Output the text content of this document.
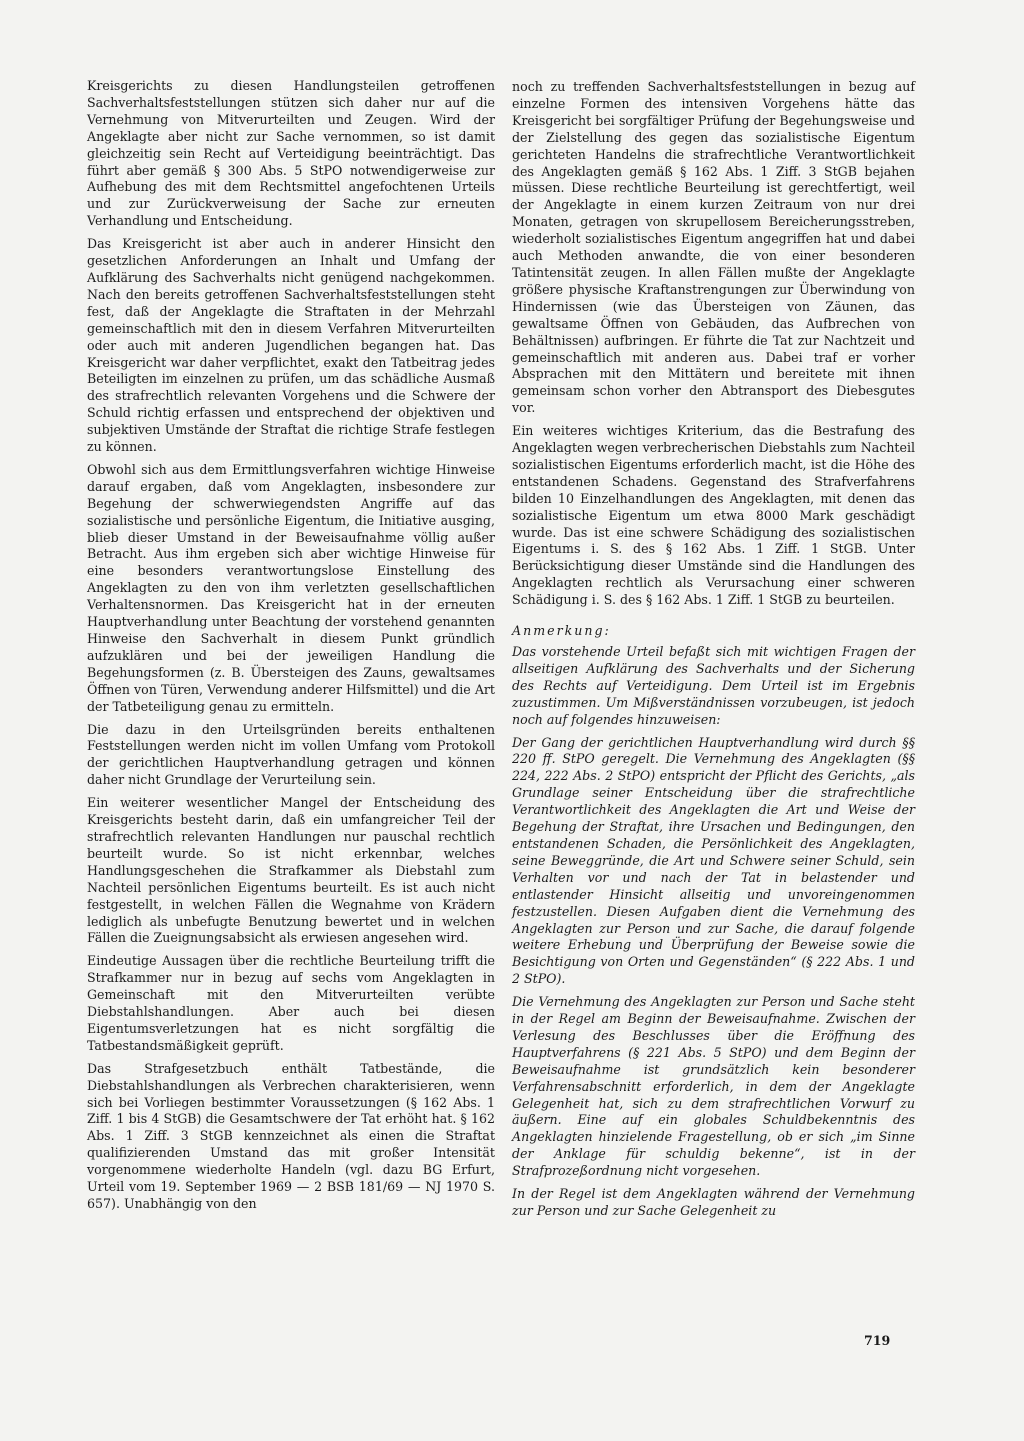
Kreisgerichts zu diesen Handlungsteilen getroffenen Sachverhaltsfeststellungen stützen sich daher nur auf die Vernehmung von Mitverurteilten und Zeugen. Wird der Angeklagte aber nicht zur Sache vernommen, so ist damit gleichzeitig sein Recht auf Verteidigung beeinträchtigt. Das führt aber gemäß § 300 Abs. 5 StPO notwendigerweise zur Aufhebung des mit dem Rechtsmittel angefochtenen Urteils und zur Zurückverweisung der Sache zur erneuten Verhandlung und Entscheidung.

Das Kreisgericht ist aber auch in anderer Hinsicht den gesetzlichen Anforderungen an Inhalt und Umfang der Aufklärung des Sachverhalts nicht genügend nachgekommen. Nach den bereits getroffenen Sachverhaltsfeststellungen steht fest, daß der Angeklagte die Straftaten in der Mehrzahl gemeinschaftlich mit den in diesem Verfahren Mitverurteilten oder auch mit anderen Jugendlichen begangen hat. Das Kreisgericht war daher verpflichtet, exakt den Tatbeitrag jedes Beteiligten im einzelnen zu prüfen, um das schädliche Ausmaß des strafrechtlich relevanten Vorgehens und die Schwere der Schuld richtig erfassen und entsprechend der objektiven und subjektiven Umstände der Straftat die richtige Strafe festlegen zu können.

Obwohl sich aus dem Ermittlungsverfahren wichtige Hinweise darauf ergaben, daß vom Angeklagten, insbesondere zur Begehung der schwerwiegendsten Angriffe auf das sozialistische und persönliche Eigentum, die Initiative ausging, blieb dieser Umstand in der Beweisaufnahme völlig außer Betracht. Aus ihm ergeben sich aber wichtige Hinweise für eine besonders verantwortungslose Einstellung des Angeklagten zu den von ihm verletzten gesellschaftlichen Verhaltensnormen. Das Kreisgericht hat in der erneuten Hauptverhandlung unter Beachtung der vorstehend genannten Hinweise den Sachverhalt in diesem Punkt gründlich aufzuklären und bei der jeweiligen Handlung die Begehungsformen (z. B. Übersteigen des Zauns, gewaltsames Öffnen von Türen, Verwendung anderer Hilfsmittel) und die Art der Tatbeteiligung genau zu ermitteln.

Die dazu in den Urteilsgründen bereits enthaltenen Feststellungen werden nicht im vollen Umfang vom Protokoll der gerichtlichen Hauptverhandlung getragen und können daher nicht Grundlage der Verurteilung sein.

Ein weiterer wesentlicher Mangel der Entscheidung des Kreisgerichts besteht darin, daß ein umfangreicher Teil der strafrechtlich relevanten Handlungen nur pauschal rechtlich beurteilt wurde. So ist nicht erkennbar, welches Handlungsgeschehen die Strafkammer als Diebstahl zum Nachteil persönlichen Eigentums beurteilt. Es ist auch nicht festgestellt, in welchen Fällen die Wegnahme von Krädern lediglich als unbefugte Benutzung bewertet und in welchen Fällen die Zueignungsabsicht als erwiesen angesehen wird.

Eindeutige Aussagen über die rechtliche Beurteilung trifft die Strafkammer nur in bezug auf sechs vom Angeklagten in Gemeinschaft mit den Mitverurteilten verübte Diebstahlshandlungen. Aber auch bei diesen Eigentumsverletzungen hat es nicht sorgfältig die Tatbestandsmäßigkeit geprüft.

Das Strafgesetzbuch enthält Tatbestände, die Diebstahlshandlungen als Verbrechen charakterisieren, wenn sich bei Vorliegen bestimmter Voraussetzungen (§ 162 Abs. 1 Ziff. 1 bis 4 StGB) die Gesamtschwere der Tat erhöht hat. § 162 Abs. 1 Ziff. 3 StGB kennzeichnet als einen die Straftat qualifizierenden Umstand das mit großer Intensität vorgenommene wiederholte Handeln (vgl. dazu BG Erfurt, Urteil vom 19. September 1969 — 2 BSB 181/69 — NJ 1970 S. 657). Unabhängig von den

noch zu treffenden Sachverhaltsfeststellungen in bezug auf einzelne Formen des intensiven Vorgehens hätte das Kreisgericht bei sorgfältiger Prüfung der Begehungsweise und der Zielstellung des gegen das sozialistische Eigentum gerichteten Handelns die strafrechtliche Verantwortlichkeit des Angeklagten gemäß § 162 Abs. 1 Ziff. 3 StGB bejahen müssen. Diese rechtliche Beurteilung ist gerechtfertigt, weil der Angeklagte in einem kurzen Zeitraum von nur drei Monaten, getragen von skrupellosem Bereicherungsstreben, wiederholt sozialistisches Eigentum angegriffen hat und dabei auch Methoden anwandte, die von einer besonderen Tatintensität zeugen. In allen Fällen mußte der Angeklagte größere physische Kraftanstrengungen zur Überwindung von Hindernissen (wie das Übersteigen von Zäunen, das gewaltsame Öffnen von Gebäuden, das Aufbrechen von Behältnissen) aufbringen. Er führte die Tat zur Nachtzeit und gemeinschaftlich mit anderen aus. Dabei traf er vorher Absprachen mit den Mittätern und bereitete mit ihnen gemeinsam schon vorher den Abtransport des Diebesgutes vor.

Ein weiteres wichtiges Kriterium, das die Bestrafung des Angeklagten wegen verbrecherischen Diebstahls zum Nachteil sozialistischen Eigentums erforderlich macht, ist die Höhe des entstandenen Schadens. Gegenstand des Strafverfahrens bilden 10 Einzelhandlungen des Angeklagten, mit denen das sozialistische Eigentum um etwa 8000 Mark geschädigt wurde. Das ist eine schwere Schädigung des sozialistischen Eigentums i. S. des § 162 Abs. 1 Ziff. 1 StGB. Unter Berücksichtigung dieser Umstände sind die Handlungen des Angeklagten rechtlich als Verursachung einer schweren Schädigung i. S. des § 162 Abs. 1 Ziff. 1 StGB zu beurteilen.

Anmerkung:

Das vorstehende Urteil befaßt sich mit wichtigen Fragen der allseitigen Aufklärung des Sachverhalts und der Sicherung des Rechts auf Verteidigung. Dem Urteil ist im Ergebnis zuzustimmen. Um Mißverständnissen vorzubeugen, ist jedoch noch auf folgendes hinzuweisen:

Der Gang der gerichtlichen Hauptverhandlung wird durch §§ 220 ff. StPO geregelt. Die Vernehmung des Angeklagten (§§ 224, 222 Abs. 2 StPO) entspricht der Pflicht des Gerichts, „als Grundlage seiner Entscheidung über die strafrechtliche Verantwortlichkeit des Angeklagten die Art und Weise der Begehung der Straftat, ihre Ursachen und Bedingungen, den entstandenen Schaden, die Persönlichkeit des Angeklagten, seine Beweggründe, die Art und Schwere seiner Schuld, sein Verhalten vor und nach der Tat in belastender und entlastender Hinsicht allseitig und unvoreingenommen festzustellen. Diesen Aufgaben dient die Vernehmung des Angeklagten zur Person und zur Sache, die darauf folgende weitere Erhebung und Überprüfung der Beweise sowie die Besichtigung von Orten und Gegenständen“ (§ 222 Abs. 1 und 2 StPO).

Die Vernehmung des Angeklagten zur Person und Sache steht in der Regel am Beginn der Beweisaufnahme. Zwischen der Verlesung des Beschlusses über die Eröffnung des Hauptverfahrens (§ 221 Abs. 5 StPO) und dem Beginn der Beweisaufnahme ist grundsätzlich kein besonderer Verfahrensabschnitt erforderlich, in dem der Angeklagte Gelegenheit hat, sich zu dem strafrechtlichen Vorwurf zu äußern. Eine auf ein globales Schuldbekenntnis des Angeklagten hinzielende Fragestellung, ob er sich „im Sinne der Anklage für schuldig bekenne“, ist in der Strafprozeßordnung nicht vorgesehen.

In der Regel ist dem Angeklagten während der Vernehmung zur Person und zur Sache Gelegenheit zu

719
